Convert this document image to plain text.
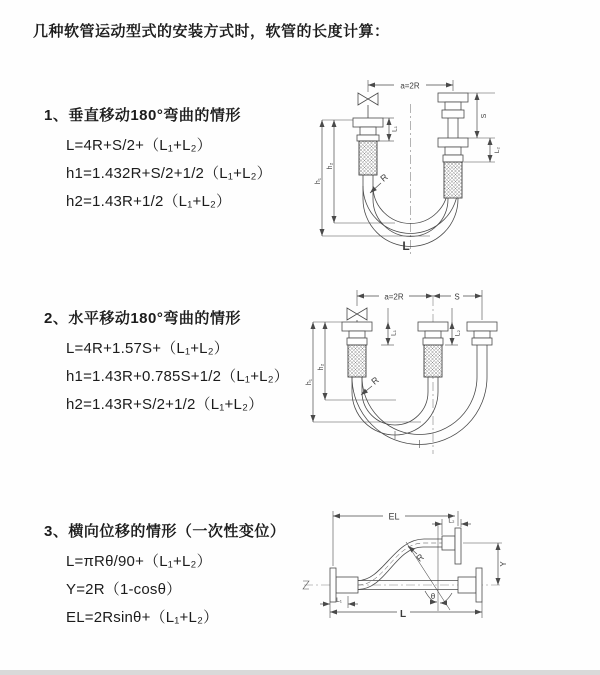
几种软管运动型式的安装方式时，软管的长度计算：
1、垂直移动180°弯曲的情形
L=4R+S/2+（L₁+L₂）
h1=1.432R+S/2+1/2（L₁+L₂）
h2=1.43R+1/2（L₁+L₂）
2、水平移动180°弯曲的情形
L=4R+1.57S+（L₁+L₂）
h1=1.43R+0.785S+1/2（L₁+L₂）
h2=1.43R+S/2+1/2（L₁+L₂）
3、横向位移的情形（一次性变位）
L=πRθ/90+（L₁+L₂）
Y=2R（1-cosθ）
EL=2Rsinθ+（L₁+L₂）
a=2R
h₁
h₂
L₁
S
L₂
R
L
a=2R	S
h₁
h₂
L₁	L₂
R
EL	L₂
Y
L
L₁
R
θ
